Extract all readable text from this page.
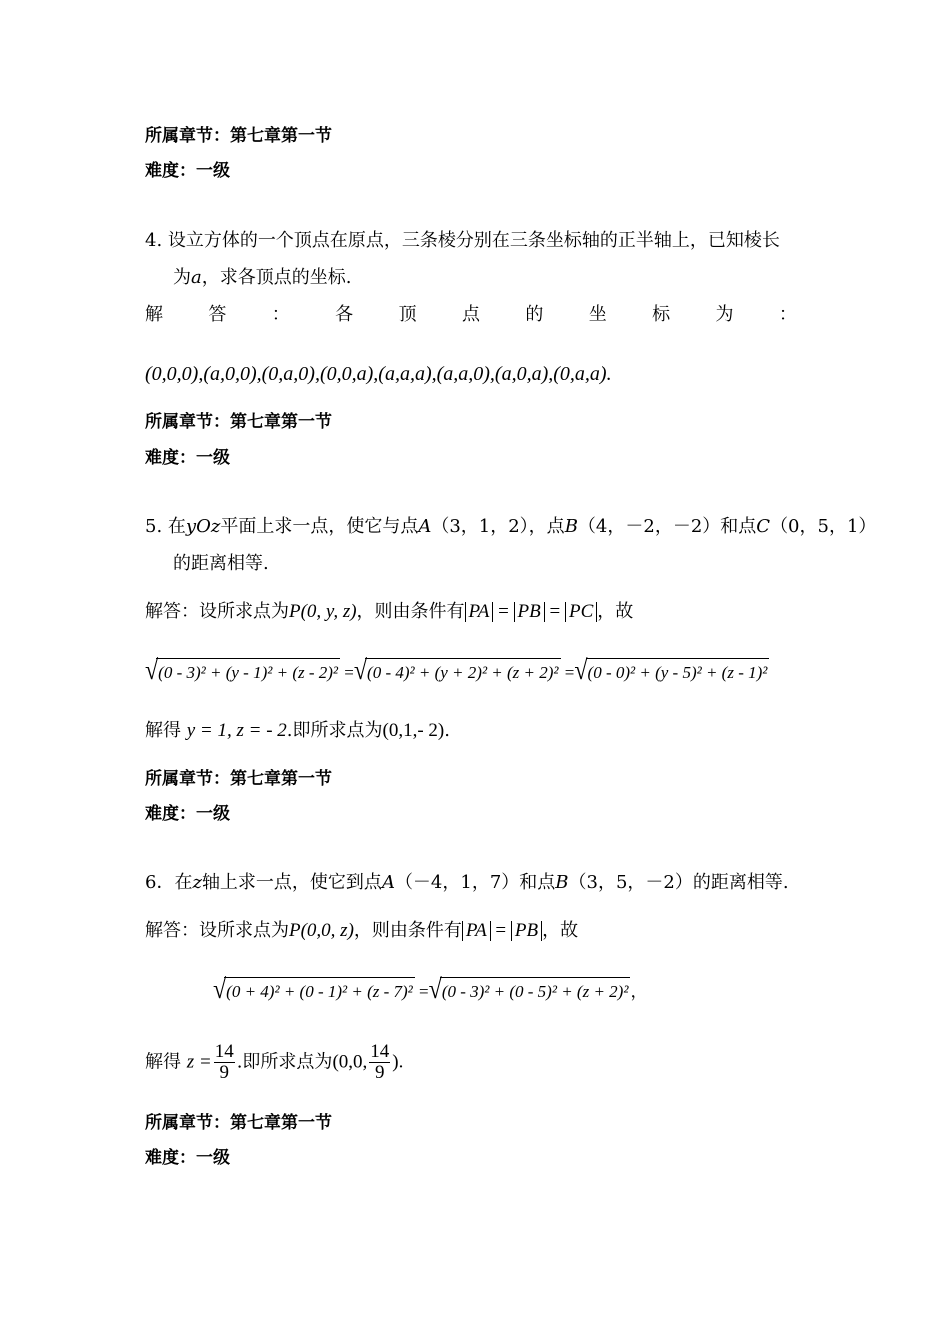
所属章节：第七章第一节
难度：一级
4. 设立方体的一个顶点在原点，三条棱分别在三条坐标轴的正半轴上，已知棱长
为a，求各顶点的坐标.
解	答	：	各	顶	点	的	坐	标	为	：
(0,0,0),(a,0,0),(0,a,0),(0,0,a),(a,a,a),(a,a,0),(a,0,a),(0,a,a).
所属章节：第七章第一节
难度：一级
5. 在yOz平面上求一点，使它与点A（3，1，2），点B（4，－2，－2）和点C（0，5，1）
的距离相等.
解答：设所求点为P(0, y, z)，则由条件有 PA = PB = PC ，故
√(0 - 3)² + (y - 1)² + (z - 2)² =√(0 - 4)² + (y + 2)² + (z + 2)² =√(0 - 0)² + (y - 5)² + (z - 1)²
解得 y = 1, z = - 2.即所求点为(0,1,- 2).
所属章节：第七章第一节
难度：一级
6．在z轴上求一点，使它到点A（－4，1，7）和点B（3，5，－2）的距离相等.
解答：设所求点为P(0,0, z)，则由条件有 PA = PB ，故
√(0 + 4)² + (0 - 1)² + (z - 7)² =√(0 - 3)² + (0 - 5)² + (z + 2)² ，
解得 $z = \frac{14}{9}$ .即所求点为(0,0, $\frac{14}{9}$ ).
所属章节：第七章第一节
难度：一级
